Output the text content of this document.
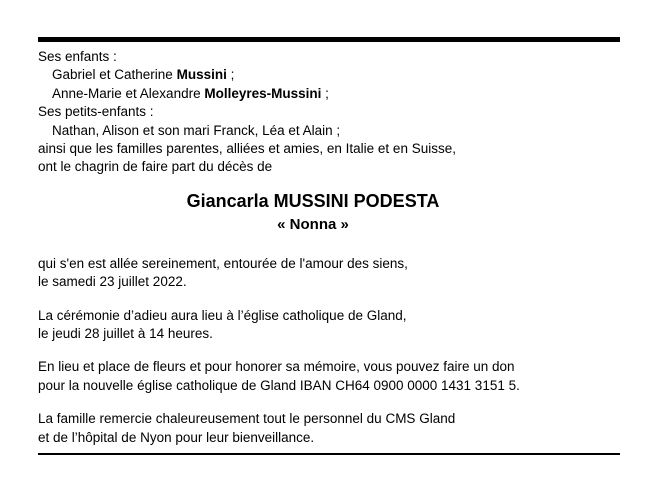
Ses enfants :
Gabriel et Catherine Mussini ;
Anne-Marie et Alexandre Molleyres-Mussini ;
Ses petits-enfants :
Nathan, Alison et son mari Franck, Léa et Alain ;
ainsi que les familles parentes, alliées et amies, en Italie et en Suisse,
ont le chagrin de faire part du décès de
Giancarla MUSSINI PODESTA
« Nonna »
qui s'en est allée sereinement, entourée de l'amour des siens,
le samedi 23 juillet 2022.
La cérémonie d’adieu aura lieu à l’église catholique de Gland,
le jeudi 28 juillet à 14 heures.
En lieu et place de fleurs et pour honorer sa mémoire, vous pouvez faire un don
pour la nouvelle église catholique de Gland IBAN CH64 0900 0000 1431 3151 5.
La famille remercie chaleureusement tout le personnel du CMS Gland
et de l’hôpital de Nyon pour leur bienveillance.
